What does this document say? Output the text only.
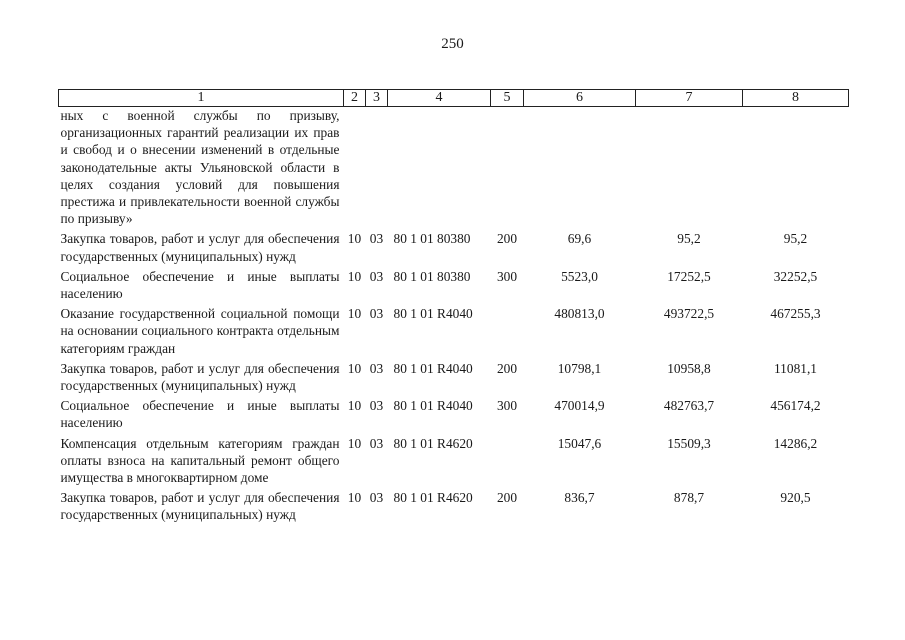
250
1	2	3	4	5	6	7	8
ных с военной службы по призыву, организационных гарантий реализации их прав и свобод и о внесении изменений в отдельные законодательные акты Ульяновской области в целях создания условий для повышения престижа и привлекательности военной службы по призыву»							
Закупка товаров, работ и услуг для обеспечения государственных (муниципальных) нужд	10	03	80 1 01 80380	200	69,6	95,2	95,2
Социальное обеспечение и иные выплаты населению	10	03	80 1 01 80380	300	5523,0	17252,5	32252,5
Оказание государственной социальной помощи на основании социального контракта отдельным категориям граждан	10	03	80 1 01 R4040		480813,0	493722,5	467255,3
Закупка товаров, работ и услуг для обеспечения государственных (муниципальных) нужд	10	03	80 1 01 R4040	200	10798,1	10958,8	11081,1
Социальное обеспечение и иные выплаты населению	10	03	80 1 01 R4040	300	470014,9	482763,7	456174,2
Компенсация отдельным категориям граждан оплаты взноса на капитальный ремонт общего имущества в многоквартирном доме	10	03	80 1 01 R4620		15047,6	15509,3	14286,2
Закупка товаров, работ и услуг для обеспечения государственных (муниципальных) нужд	10	03	80 1 01 R4620	200	836,7	878,7	920,5
